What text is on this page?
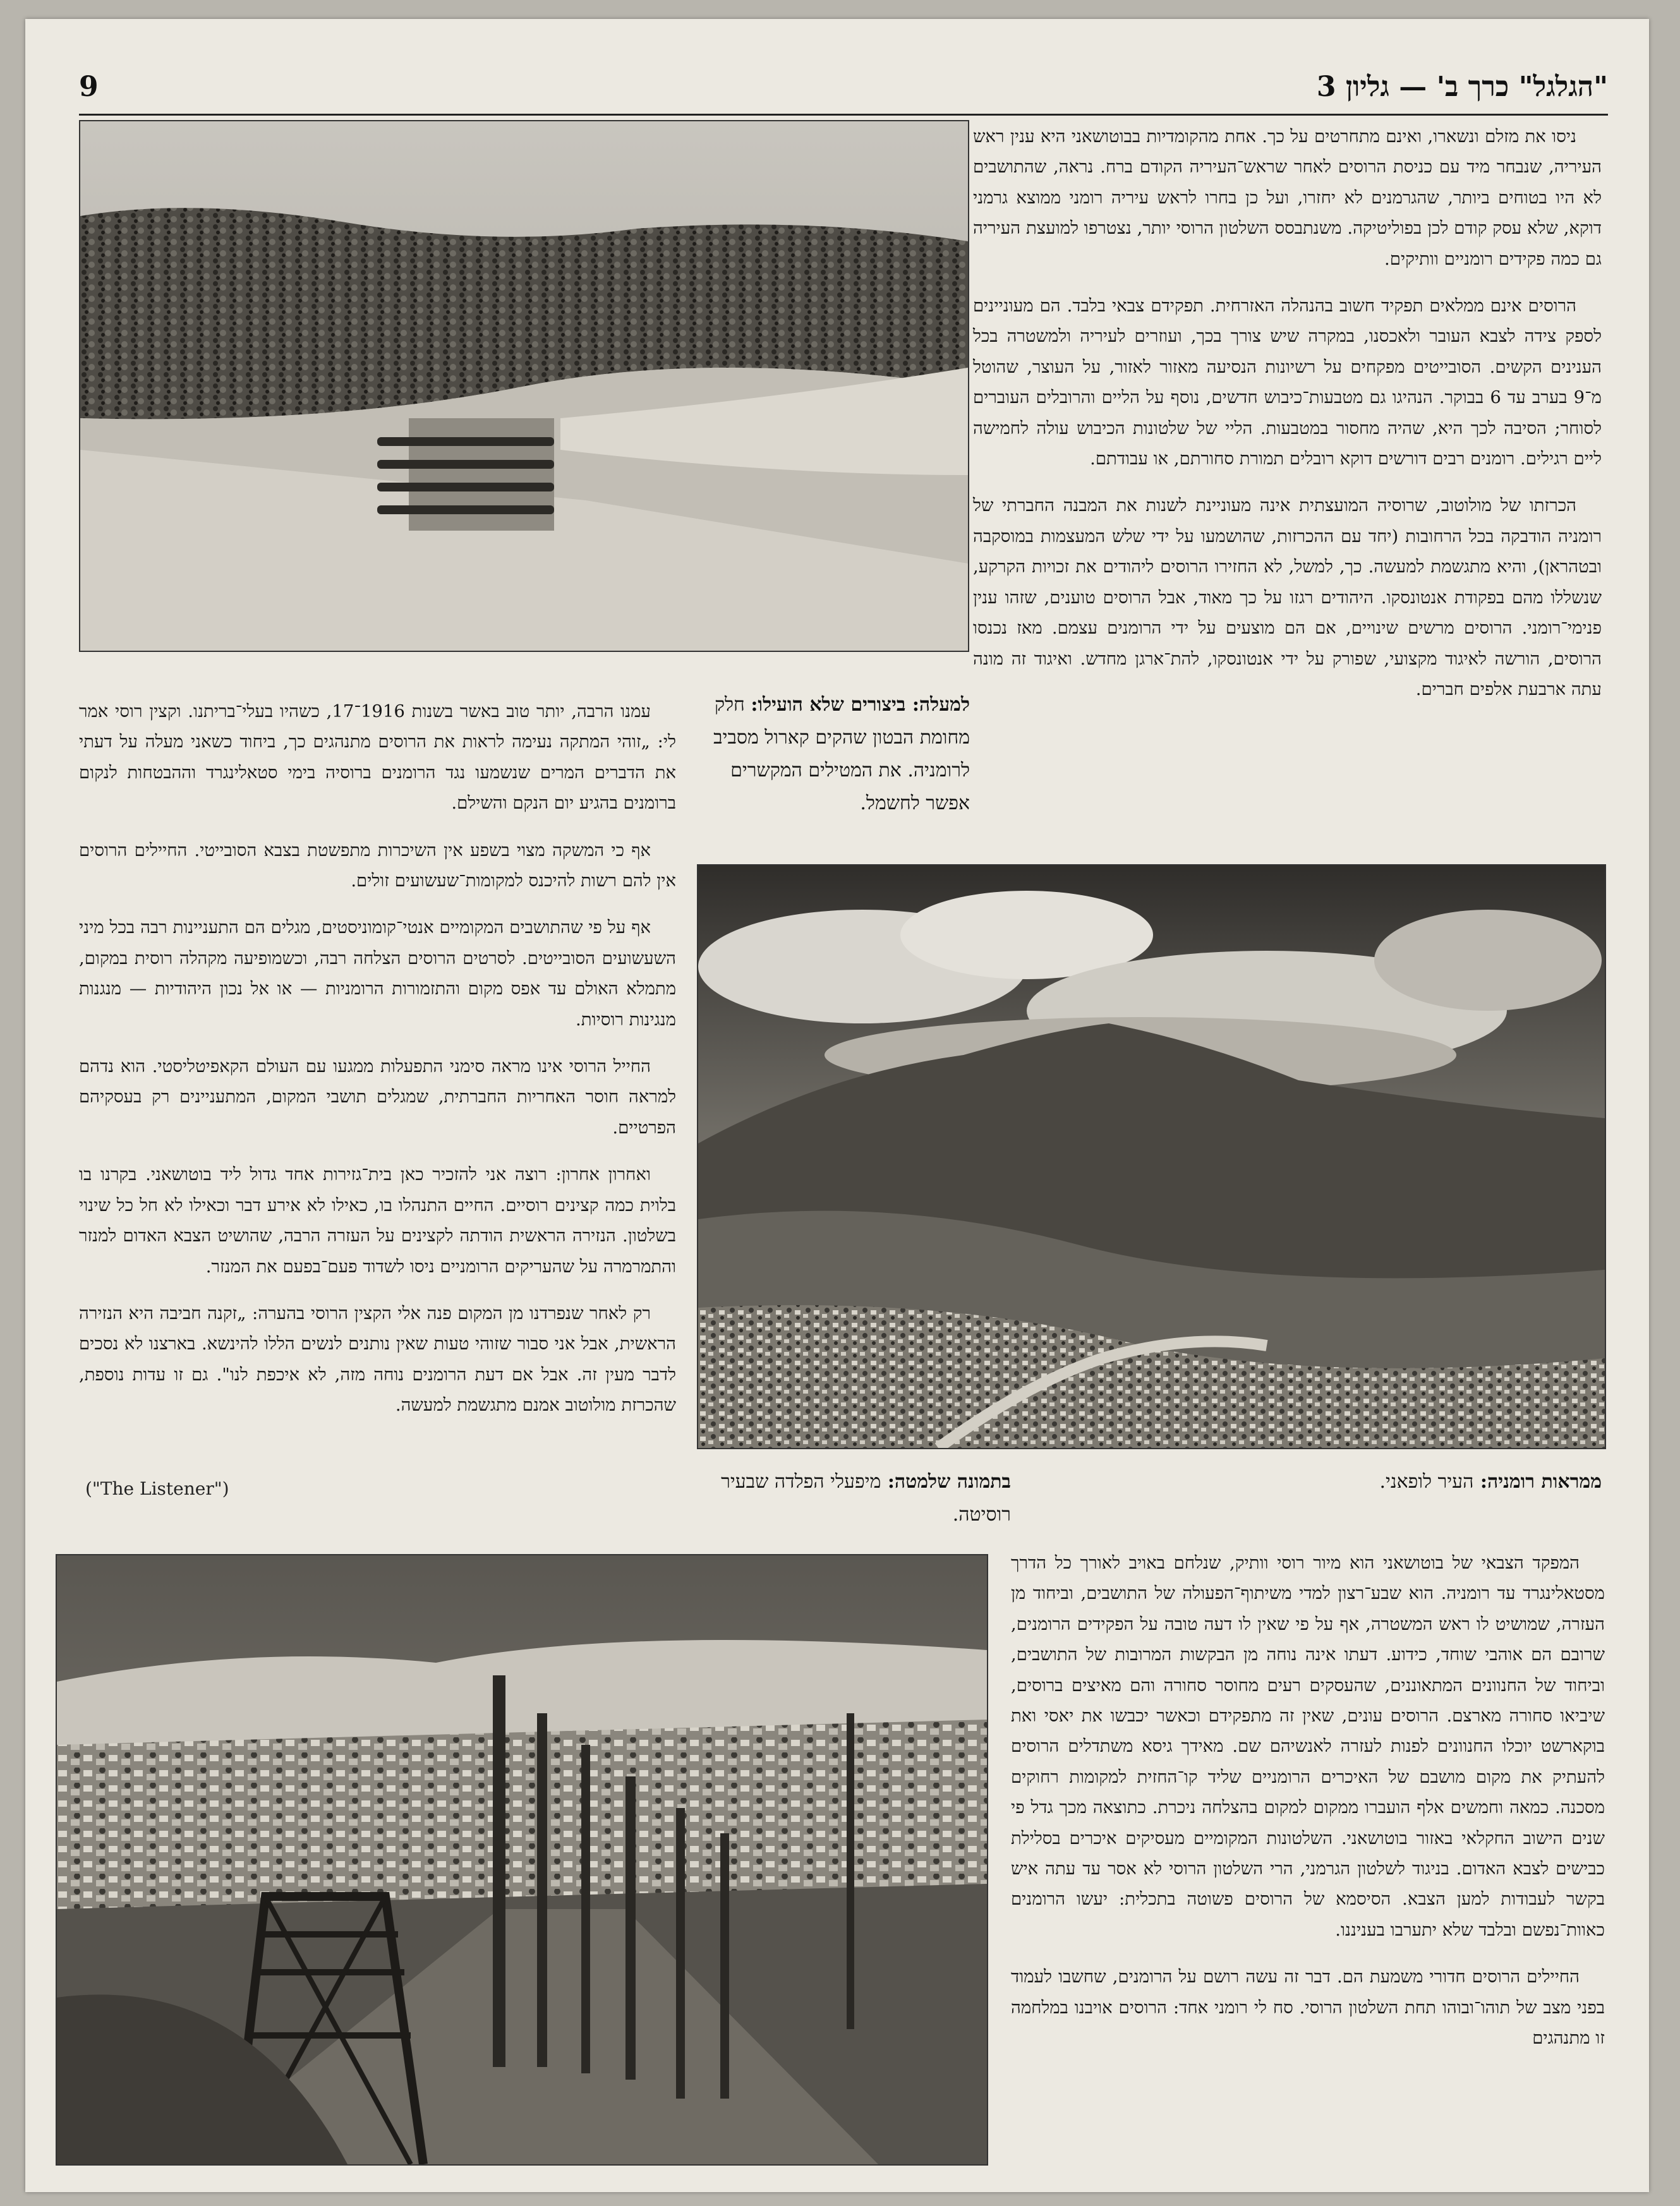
9	"הגלגל" כרך ב' — גליון 3

ניסו את מזלם ונשארו, ואינם מתחרטים על כך. אחת מהקומדיות בבוטושאני היא ענין ראש העיריה, שנבחר מיד עם כניסת הרוסים לאחר שראש־העיריה הקודם ברח. נראה, שהתושבים לא היו בטוחים ביותר, שהגרמנים לא יחזרו, ועל כן בחרו לראש עיריה רומני ממוצא גרמני דוקא, שלא עסק קודם לכן בפוליטיקה. משנתבסס השלטון הרוסי יותר, נצטרפו למועצת העיריה גם כמה פקידים רומניים וותיקים.

הרוסים אינם ממלאים תפקיד חשוב בהנהלה האזרחית. תפקידם צבאי בלבד. הם מעוניינים לספק צידה לצבא העובר ולאכסנו, במקרה שיש צורך בכך, ועוזרים לעיריה ולמשטרה בכל הענינים הקשים. הסובייטים מפקחים על רשיונות הנסיעה מאזור לאזור, על העוצר, שהוטל מ־9 בערב עד 6 בבוקר. הנהיגו גם מטבעות־כיבוש חדשים, נוסף על הליים והרובלים העוברים לסוחר; הסיבה לכך היא, שהיה מחסור במטבעות. הליי של שלטונות הכיבוש עולה לחמישה ליים רגילים. רומנים רבים דורשים דוקא רובלים תמורת סחורתם, או עבודתם.

הכרזתו של מולוטוב, שרוסיה המועצתית אינה מעוניינת לשנות את המבנה החברתי של רומניה הודבקה בכל הרחובות (יחד עם ההכרזות, שהושמעו על ידי שלש המעצמות במוסקבה ובטהראן), והיא מתגשמת למעשה. כך, למשל, לא החזירו הרוסים ליהודים את זכויות הקרקע, שנשללו מהם בפקודת אנטונסקו. היהודים רגזו על כך מאוד, אבל הרוסים טוענים, שזהו ענין פנימי־רומני. הרוסים מרשים שינויים, אם הם מוצעים על ידי הרומנים עצמם. מאז נכנסו הרוסים, הורשה לאיגוד מקצועי, שפורק על ידי אנטונסקו, להת־ארגן מחדש. ואיגוד זה מונה עתה ארבעת אלפים חברים.

למעלה: ביצורים שלא הועילו: חלק מחומת הבטון שהקים קארול מסביב לרומניה. את המטילים המקשרים אפשר לחשמל.

עמנו הרבה, יותר טוב באשר בשנות 1916־17, כשהיו בעלי־בריתנו. וקצין רוסי אמר לי: „זוהי המתקה נעימה לראות את הרוסים מתנהגים כך, ביחוד כשאני מעלה על דעתי את הדברים המרים שנשמעו נגד הרומנים ברוסיה בימי סטאלינגרד וההבטחות לנקום ברומנים בהגיע יום הנקם והשילם.

אף כי המשקה מצוי בשפע אין השיכרות מתפשטת בצבא הסובייטי. החיילים הרוסים אין להם רשות להיכנס למקומות־שעשועים זולים.

אף על פי שהתושבים המקומיים אנטי־קומוניסטים, מגלים הם התעניינות רבה בכל מיני השעשועים הסובייטים. לסרטים הרוסים הצלחה רבה, וכשמופיעה מקהלה רוסית במקום, מתמלא האולם עד אפס מקום והתזמורות הרומניות — או אל נכון היהודיות — מנגנות מנגינות רוסיות.

החייל הרוסי אינו מראה סימני התפעלות ממגעו עם העולם הקאפיטליסטי. הוא נדהם למראה חוסר האחריות החברתית, שמגלים תושבי המקום, המתעניינים רק בעסקיהם הפרטיים.

ואחרון אחרון: רוצה אני להזכיר כאן בית־גזירות אחד גדול ליד בוטושאני. בקרנו בו בלוית כמה קצינים רוסיים. החיים התנהלו בו, כאילו לא אירע דבר וכאילו לא חל כל שינוי בשלטון. הנזירה הראשית הודתה לקצינים על העזרה הרבה, שהושיט הצבא האדום למנזר והתמרמרה על שהעריקים הרומניים ניסו לשדוד פעם־בפעם את המנזר.

רק לאחר שנפרדנו מן המקום פנה אלי הקצין הרוסי בהערה: „זקנה חביבה היא הנזירה הראשית, אבל אני סבור שזוהי טעות שאין נותנים לנשים הללו להינשא. בארצנו לא נסכים לדבר מעין זה. אבל אם דעת הרומנים נוחה מזה, לא איכפת לנו". גם זו עדות נוספת, שהכרזת מולוטוב אמנם מתגשמת למעשה.

("The Listener")	ממראות רומניה: העיר לופאני.
בתמונה שלמטה: מיפעלי הפלדה שבעיר רוסיטה.

המפקד הצבאי של בוטושאני הוא מיור רוסי וותיק, שנלחם באויב לאורך כל הדרך מסטאלינגרד עד רומניה. הוא שבע־רצון למדי משיתוף־הפעולה של התושבים, וביחוד מן העזרה, שמושיט לו ראש המשטרה, אף על פי שאין לו דעה טובה על הפקידים הרומנים, שרובם הם אוהבי שוחד, כידוע. דעתו אינה נוחה מן הבקשות המרובות של התושבים, וביחוד של החנוונים המתאוננים, שהעסקים רעים מחוסר סחורה והם מאיצים ברוסים, שיביאו סחורה מארצם. הרוסים עונים, שאין זה מתפקידם וכאשר יכבשו את יאסי ואת בוקארשט יוכלו החנוונים לפנות לעזרה לאנשיהם שם. מאידך גיסא משתדלים הרוסים להעתיק את מקום מושבם של האיכרים הרומניים שליד קו־החזית למקומות רחוקים מסכנה. כמאה וחמשים אלף הועברו ממקום למקום בהצלחה ניכרת. כתוצאה מכך גדל פי שנים הישוב החקלאי באזור בוטושאני. השלטונות המקומיים מעסיקים איכרים בסלילת כבישים לצבא האדום. בניגוד לשלטון הגרמני, הרי השלטון הרוסי לא אסר עד עתה איש בקשר לעבודות למען הצבא. הסיסמא של הרוסים פשוטה בתכלית: יעשו הרומנים כאוות־נפשם ובלבד שלא יתערבו בעניננו.

החיילים הרוסים חדורי משמעת הם. דבר זה עשה רושם על הרומנים, שחשבו לעמוד בפני מצב של תוהו־ובוהו תחת השלטון הרוסי. סח לי רומני אחד: הרוסים אויבנו במלחמה זו מתנהגים
